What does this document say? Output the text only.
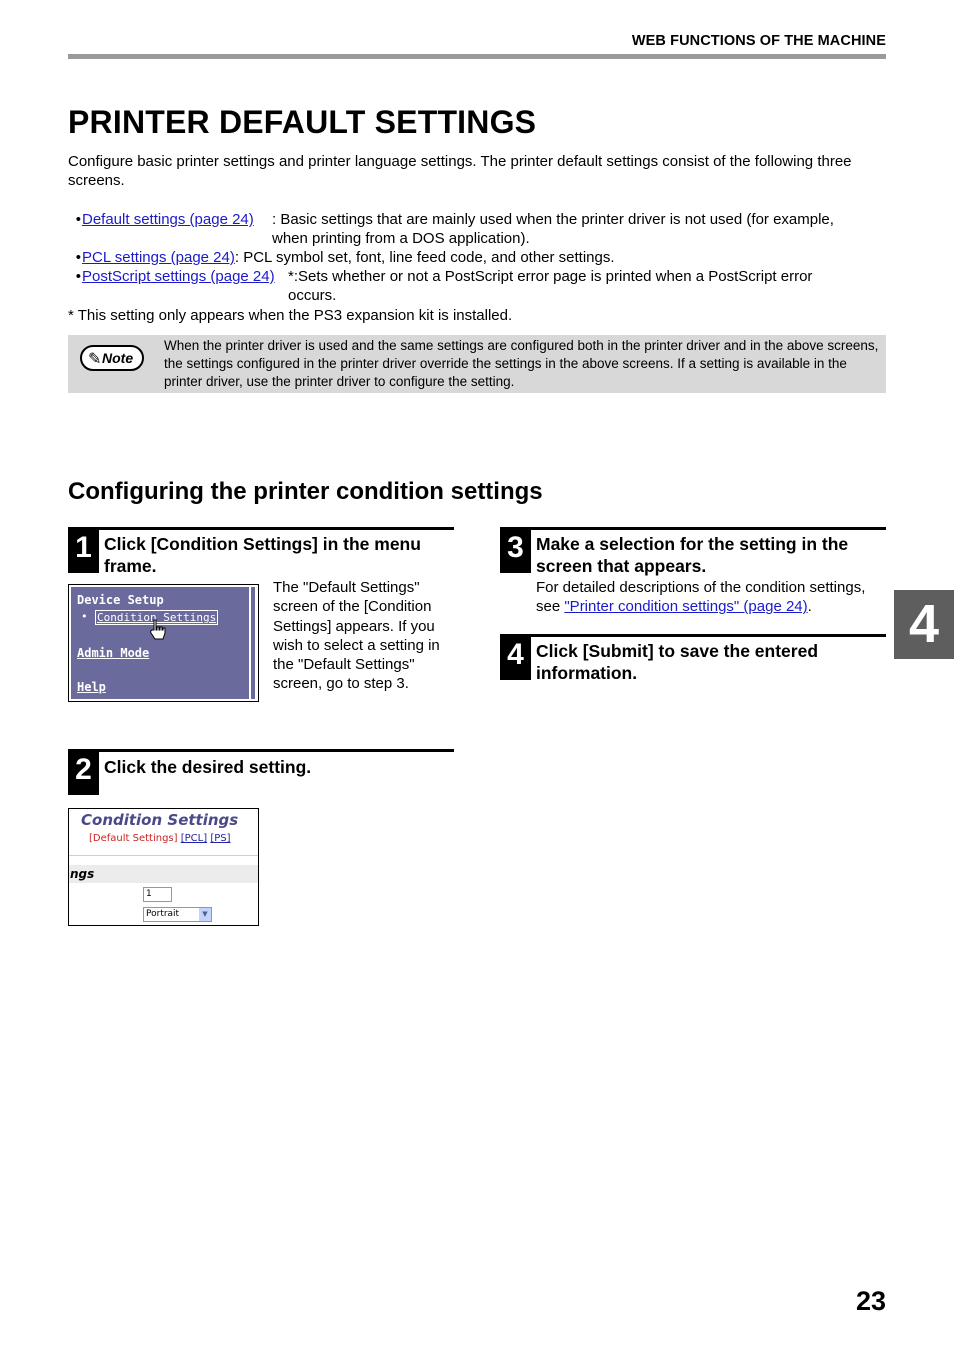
WEB FUNCTIONS OF THE MACHINE
PRINTER DEFAULT SETTINGS

Configure basic printer settings and printer language settings. The printer default settings consist of the following three screens.

•Default settings (page 24) : Basic settings that are mainly used when the printer driver is not used (for example, when printing from a DOS application).
•PCL settings (page 24): PCL symbol set, font, line feed code, and other settings.
•PostScript settings (page 24) *:Sets whether or not a PostScript error page is printed when a PostScript error occurs.

* This setting only appears when the PS3 expansion kit is installed.

✎ Note
When the printer driver is used and the same settings are configured both in the printer driver and in the above screens, the settings configured in the printer driver override the settings in the above screens. If a setting is available in the printer driver, use the printer driver to configure the setting.
Configuring the printer condition settings
1 Click [Condition Settings] in the menu frame.
The "Default Settings" screen of the [Condition Settings] appears. If you wish to select a setting in the "Default Settings" screen, go to step 3.
Device Setup
• Condition Settings
Admin Mode
Help
2 Click the desired setting.
Condition Settings
[Default Settings] [PCL] [PS]
ngs
1
Portrait	▼
3 Make a selection for the setting in the screen that appears.
For detailed descriptions of the condition settings, see "Printer condition settings" (page 24).
4 Click [Submit] to save the entered information.
4
23
